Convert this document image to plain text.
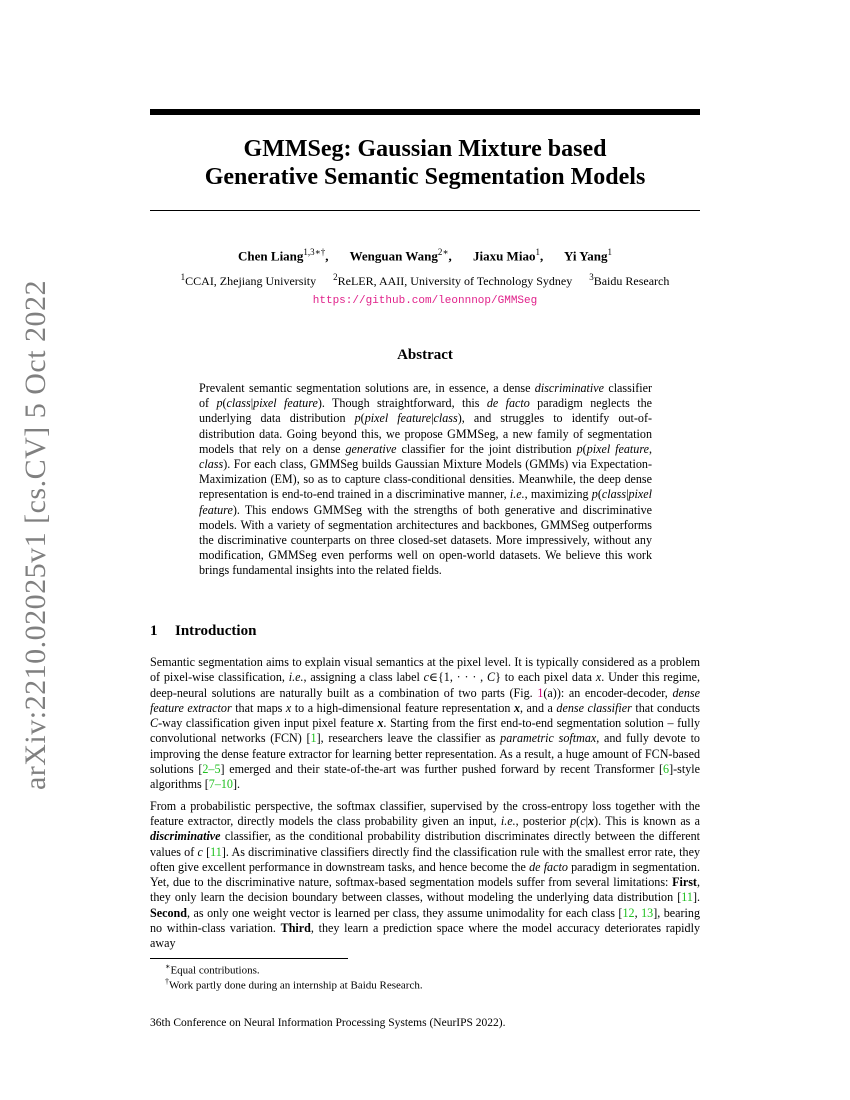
arXiv:2210.02025v1 [cs.CV] 5 Oct 2022
GMMSeg: Gaussian Mixture based
Generative Semantic Segmentation Models
Chen Liang$^{1,3∗\dagger}$, Wenguan Wang$^{2∗}$, Jiaxu Miao$^1$, Yi Yang$^1$
$^1$CCAI, Zhejiang University $^2$ReLER, AAII, University of Technology Sydney $^3$Baidu Research
https://github.com/leonnnop/GMMSeg
Abstract
Prevalent semantic segmentation solutions are, in essence, a dense discriminative classifier of p(class|pixel feature). Though straightforward, this de facto paradigm neglects the underlying data distribution p(pixel feature|class), and struggles to identify out-of-distribution data. Going beyond this, we propose GMMSeg, a new family of segmentation models that rely on a dense generative classifier for the joint distribution p(pixel feature, class). For each class, GMMSeg builds Gaussian Mixture Models (GMMs) via Expectation-Maximization (EM), so as to capture class-conditional densities. Meanwhile, the deep dense representation is end-to-end trained in a discriminative manner, i.e., maximizing p(class|pixel feature). This endows GMMSeg with the strengths of both generative and discriminative models. With a variety of segmentation architectures and backbones, GMMSeg outperforms the discriminative counterparts on three closed-set datasets. More impressively, without any modification, GMMSeg even performs well on open-world datasets. We believe this work brings fundamental insights into the related fields.
1 Introduction

Semantic segmentation aims to explain visual semantics at the pixel level. It is typically considered as a problem of pixel-wise classification, i.e., assigning a class label c∈{1, · · · , C} to each pixel data x. Under this regime, deep-neural solutions are naturally built as a combination of two parts (Fig. 1(a)): an encoder-decoder, dense feature extractor that maps x to a high-dimensional feature representation x, and a dense classifier that conducts C-way classification given input pixel feature x. Starting from the first end-to-end segmentation solution – fully convolutional networks (FCN) [1], researchers leave the classifier as parametric softmax, and fully devote to improving the dense feature extractor for learning better representation. As a result, a huge amount of FCN-based solutions [2–5] emerged and their state-of-the-art was further pushed forward by recent Transformer [6]-style algorithms [7–10].

From a probabilistic perspective, the softmax classifier, supervised by the cross-entropy loss together with the feature extractor, directly models the class probability given an input, i.e., posterior p(c|x). This is known as a discriminative classifier, as the conditional probability distribution discriminates directly between the different values of c [11]. As discriminative classifiers directly find the classification rule with the smallest error rate, they often give excellent performance in downstream tasks, and hence become the de facto paradigm in segmentation. Yet, due to the discriminative nature, softmax-based segmentation models suffer from several limitations: First, they only learn the decision boundary between classes, without modeling the underlying data distribution [11]. Second, as only one weight vector is learned per class, they assume unimodality for each class [12, 13], bearing no within-class variation. Third, they learn a prediction space where the model accuracy deteriorates rapidly away

∗Equal contributions.
†Work partly done during an internship at Baidu Research.
36th Conference on Neural Information Processing Systems (NeurIPS 2022).
